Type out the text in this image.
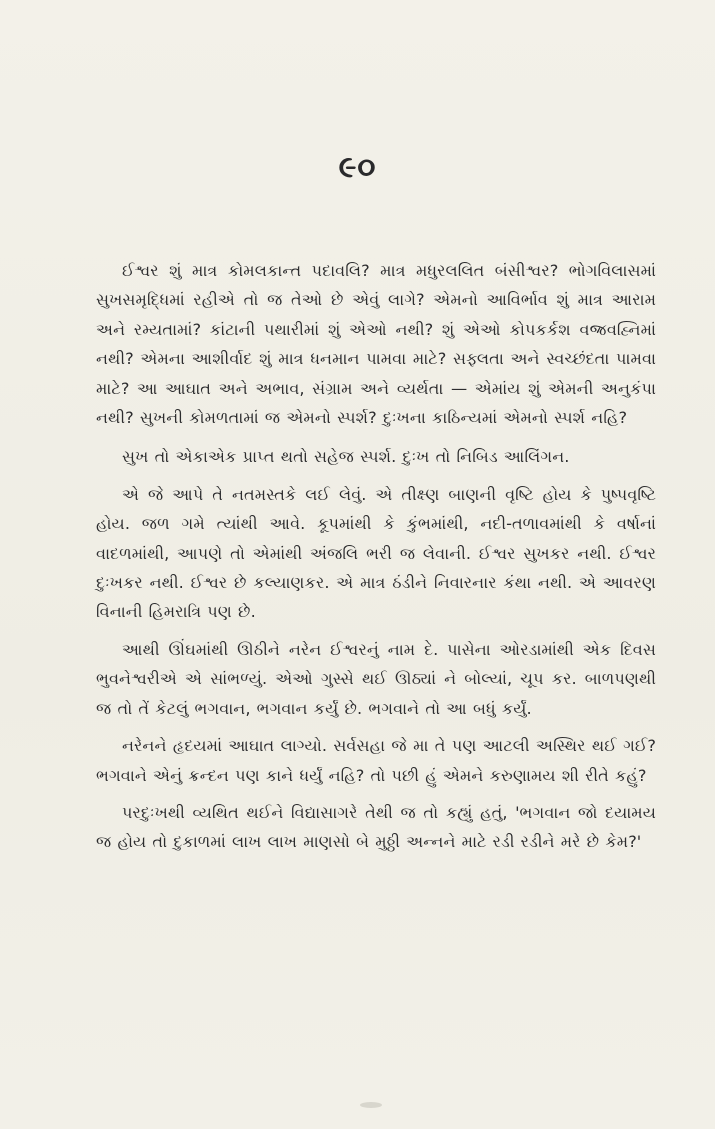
૯૦

ઈશ્વર શું માત્ર કોમલકાન્ત પદાવલિ? માત્ર મધુરલલિત બંસીશ્વર? ભોગવિલાસમાં સુખસમૃદ્ધિમાં રહીએ તો જ તેઓ છે એવું લાગે? એમનો આવિર્ભાવ શું માત્ર આરામ અને રમ્યતામાં? કાંટાની પથારીમાં શું એઓ નથી? શું એઓ કોપકર્કશ વજ્રવહ્નિમાં નથી? એમના આશીર્વાદ શું માત્ર ધનમાન પામવા માટે? સફ્લતા અને સ્વચ્છંદતા પામવા માટે? આ આઘાત અને અભાવ, સંગ્રામ અને વ્યર્થતા — એમાંય શું એમની અનુકંપા નથી? સુખની કોમળતામાં જ એમનો સ્પર્શ? દુઃખના કાઠિન્યમાં એમનો સ્પર્શ નહિ?

સુખ તો એકાએક પ્રાપ્ત થતો સહેજ સ્પર્શ. દુઃખ તો નિબિડ આલિંગન.

એ જે આપે તે નતમસ્તકે લઈ લેવું. એ તીક્ષ્ણ બાણની વૃષ્ટિ હોય કે પુષ્પવૃષ્ટિ હોય. જળ ગમે ત્યાંથી આવે. કૂપમાંથી કે કુંભમાંથી, નદી-તળાવમાંથી કે વર્ષાનાં વાદળમાંથી, આપણે તો એમાંથી અંજલિ ભરી જ લેવાની. ઈશ્વર સુખકર નથી. ઈશ્વર દુઃખકર નથી. ઈશ્વર છે કલ્યાણકર. એ માત્ર ઠંડીને નિવારનાર કંથા નથી. એ આવરણ વિનાની હિમરાત્રિ પણ છે.

આથી ઊંઘમાંથી ઊઠીને નરેન ઈશ્વરનું નામ દે. પાસેના ઓરડામાંથી એક દિવસ ભુવનેશ્વરીએ એ સાંભળ્યું. એઓ ગુસ્સે થઈ ઊઠ્યાં ને બોલ્યાં, ચૂપ કર. બાળપણથી જ તો તેં કેટલું ભગવાન, ભગવાન કર્યું છે. ભગવાને તો આ બધું કર્યું.

નરેનને હૃદયમાં આઘાત લાગ્યો. સર્વસહા જે મા તે પણ આટલી અસ્થિર થઈ ગઈ? ભગવાને એનું ક્રન્દન પણ કાને ધર્યું નહિ? તો પછી હું એમને કરુણામય શી રીતે કહું?

પરદુઃખથી વ્યથિત થઈને વિદ્યાસાગરે તેથી જ તો કહ્યું હતું, 'ભગવાન જો દયામય જ હોય તો દુકાળમાં લાખ લાખ માણસો બે મુઠ્ઠી અન્નને માટે રડી રડીને મરે છે કેમ?'
